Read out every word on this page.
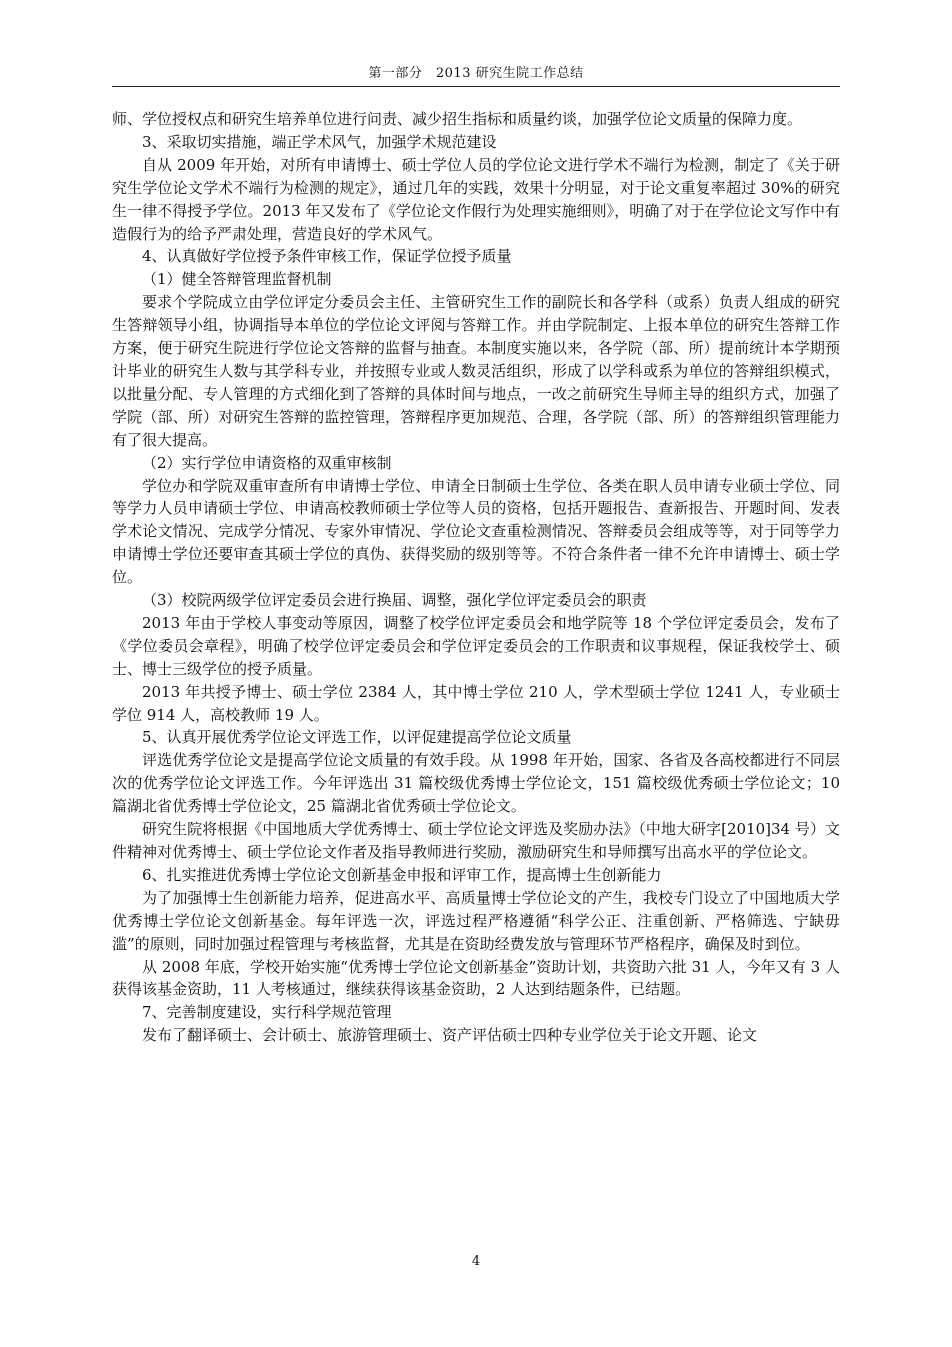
第一部分　2013 研究生院工作总结

师、学位授权点和研究生培养单位进行问责、减少招生指标和质量约谈，加强学位论文质量的保障力度。

3、采取切实措施，端正学术风气，加强学术规范建设

自从 2009 年开始，对所有申请博士、硕士学位人员的学位论文进行学术不端行为检测，制定了《关于研究生学位论文学术不端行为检测的规定》，通过几年的实践，效果十分明显，对于论文重复率超过 30%的研究生一律不得授予学位。2013 年又发布了《学位论文作假行为处理实施细则》，明确了对于在学位论文写作中有造假行为的给予严肃处理，营造良好的学术风气。

4、认真做好学位授予条件审核工作，保证学位授予质量

（1）健全答辩管理监督机制

要求个学院成立由学位评定分委员会主任、主管研究生工作的副院长和各学科（或系）负责人组成的研究生答辩领导小组，协调指导本单位的学位论文评阅与答辩工作。并由学院制定、上报本单位的研究生答辩工作方案，便于研究生院进行学位论文答辩的监督与抽查。本制度实施以来，各学院（部、所）提前统计本学期预计毕业的研究生人数与其学科专业，并按照专业或人数灵活组织，形成了以学科或系为单位的答辩组织模式，以批量分配、专人管理的方式细化到了答辩的具体时间与地点，一改之前研究生导师主导的组织方式，加强了学院（部、所）对研究生答辩的监控管理，答辩程序更加规范、合理，各学院（部、所）的答辩组织管理能力有了很大提高。

（2）实行学位申请资格的双重审核制

学位办和学院双重审查所有申请博士学位、申请全日制硕士生学位、各类在职人员申请专业硕士学位、同等学力人员申请硕士学位、申请高校教师硕士学位等人员的资格，包括开题报告、查新报告、开题时间、发表学术论文情况、完成学分情况、专家外审情况、学位论文查重检测情况、答辩委员会组成等等，对于同等学力申请博士学位还要审查其硕士学位的真伪、获得奖励的级别等等。不符合条件者一律不允许申请博士、硕士学位。

（3）校院两级学位评定委员会进行换届、调整，强化学位评定委员会的职责

2013 年由于学校人事变动等原因，调整了校学位评定委员会和地学院等 18 个学位评定委员会，发布了《学位委员会章程》，明确了校学位评定委员会和学位评定委员会的工作职责和议事规程，保证我校学士、硕士、博士三级学位的授予质量。

2013 年共授予博士、硕士学位 2384 人，其中博士学位 210 人，学术型硕士学位 1241 人，专业硕士学位 914 人，高校教师 19 人。

5、认真开展优秀学位论文评选工作，以评促建提高学位论文质量

评选优秀学位论文是提高学位论文质量的有效手段。从 1998 年开始，国家、各省及各高校都进行不同层次的优秀学位论文评选工作。今年评选出 31 篇校级优秀博士学位论文，151 篇校级优秀硕士学位论文；10 篇湖北省优秀博士学位论文，25 篇湖北省优秀硕士学位论文。

研究生院将根据《中国地质大学优秀博士、硕士学位论文评选及奖励办法》（中地大研字[2010]34 号）文件精神对优秀博士、硕士学位论文作者及指导教师进行奖励，激励研究生和导师撰写出高水平的学位论文。

6、扎实推进优秀博士学位论文创新基金申报和评审工作，提高博士生创新能力

为了加强博士生创新能力培养，促进高水平、高质量博士学位论文的产生，我校专门设立了中国地质大学优秀博士学位论文创新基金。每年评选一次，评选过程严格遵循“科学公正、注重创新、严格筛选、宁缺毋滥”的原则，同时加强过程管理与考核监督，尤其是在资助经费发放与管理环节严格程序，确保及时到位。

从 2008 年底，学校开始实施“优秀博士学位论文创新基金”资助计划，共资助六批 31 人，今年又有 3 人获得该基金资助，11 人考核通过，继续获得该基金资助，2 人达到结题条件，已结题。

7、完善制度建设，实行科学规范管理

发布了翻译硕士、会计硕士、旅游管理硕士、资产评估硕士四种专业学位关于论文开题、论文

4
